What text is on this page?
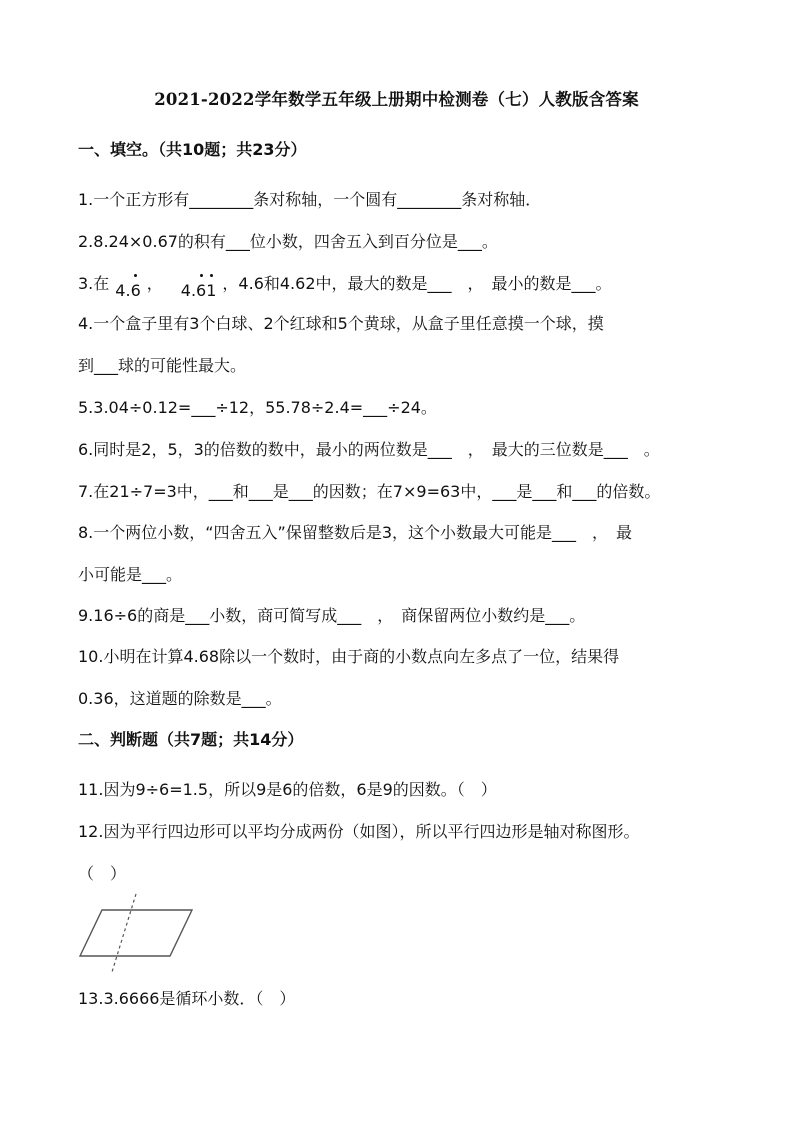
2021-2022学年数学五年级上册期中检测卷（七）人教版含答案
一、填空。（共10题；共23分）
1.一个正方形有________条对称轴，一个圆有________条对称轴．
2.8.24×0.67的积有___位小数，四舍五入到百分位是___。
3.在 4.6 ， 4.61 ，4.6和4.62中，最大的数是___　，　最小的数是___。
4.一个盒子里有3个白球、2个红球和5个黄球，从盒子里任意摸一个球，摸
到___球的可能性最大。
5.3.04÷0.12=___÷12，55.78÷2.4=___÷24。
6.同时是2，5，3的倍数的数中，最小的两位数是___　，　最大的三位数是___　。
7.在21÷7=3中，___和___是___的因数；在7×9=63中，___是___和___的倍数。
8.一个两位小数，“四舍五入”保留整数后是3，这个小数最大可能是___　，　最
小可能是___。
9.16÷6的商是___小数，商可简写成___　，　商保留两位小数约是___。
10.小明在计算4.68除以一个数时，由于商的小数点向左多点了一位，结果得
0.36，这道题的除数是___。
二、判断题（共7题；共14分）
11.因为9÷6=1.5，所以9是6的倍数，6是9的因数。（　）
12.因为平行四边形可以平均分成两份（如图），所以平行四边形是轴对称图形。
（　）
13.3.6666是循环小数．（　）
